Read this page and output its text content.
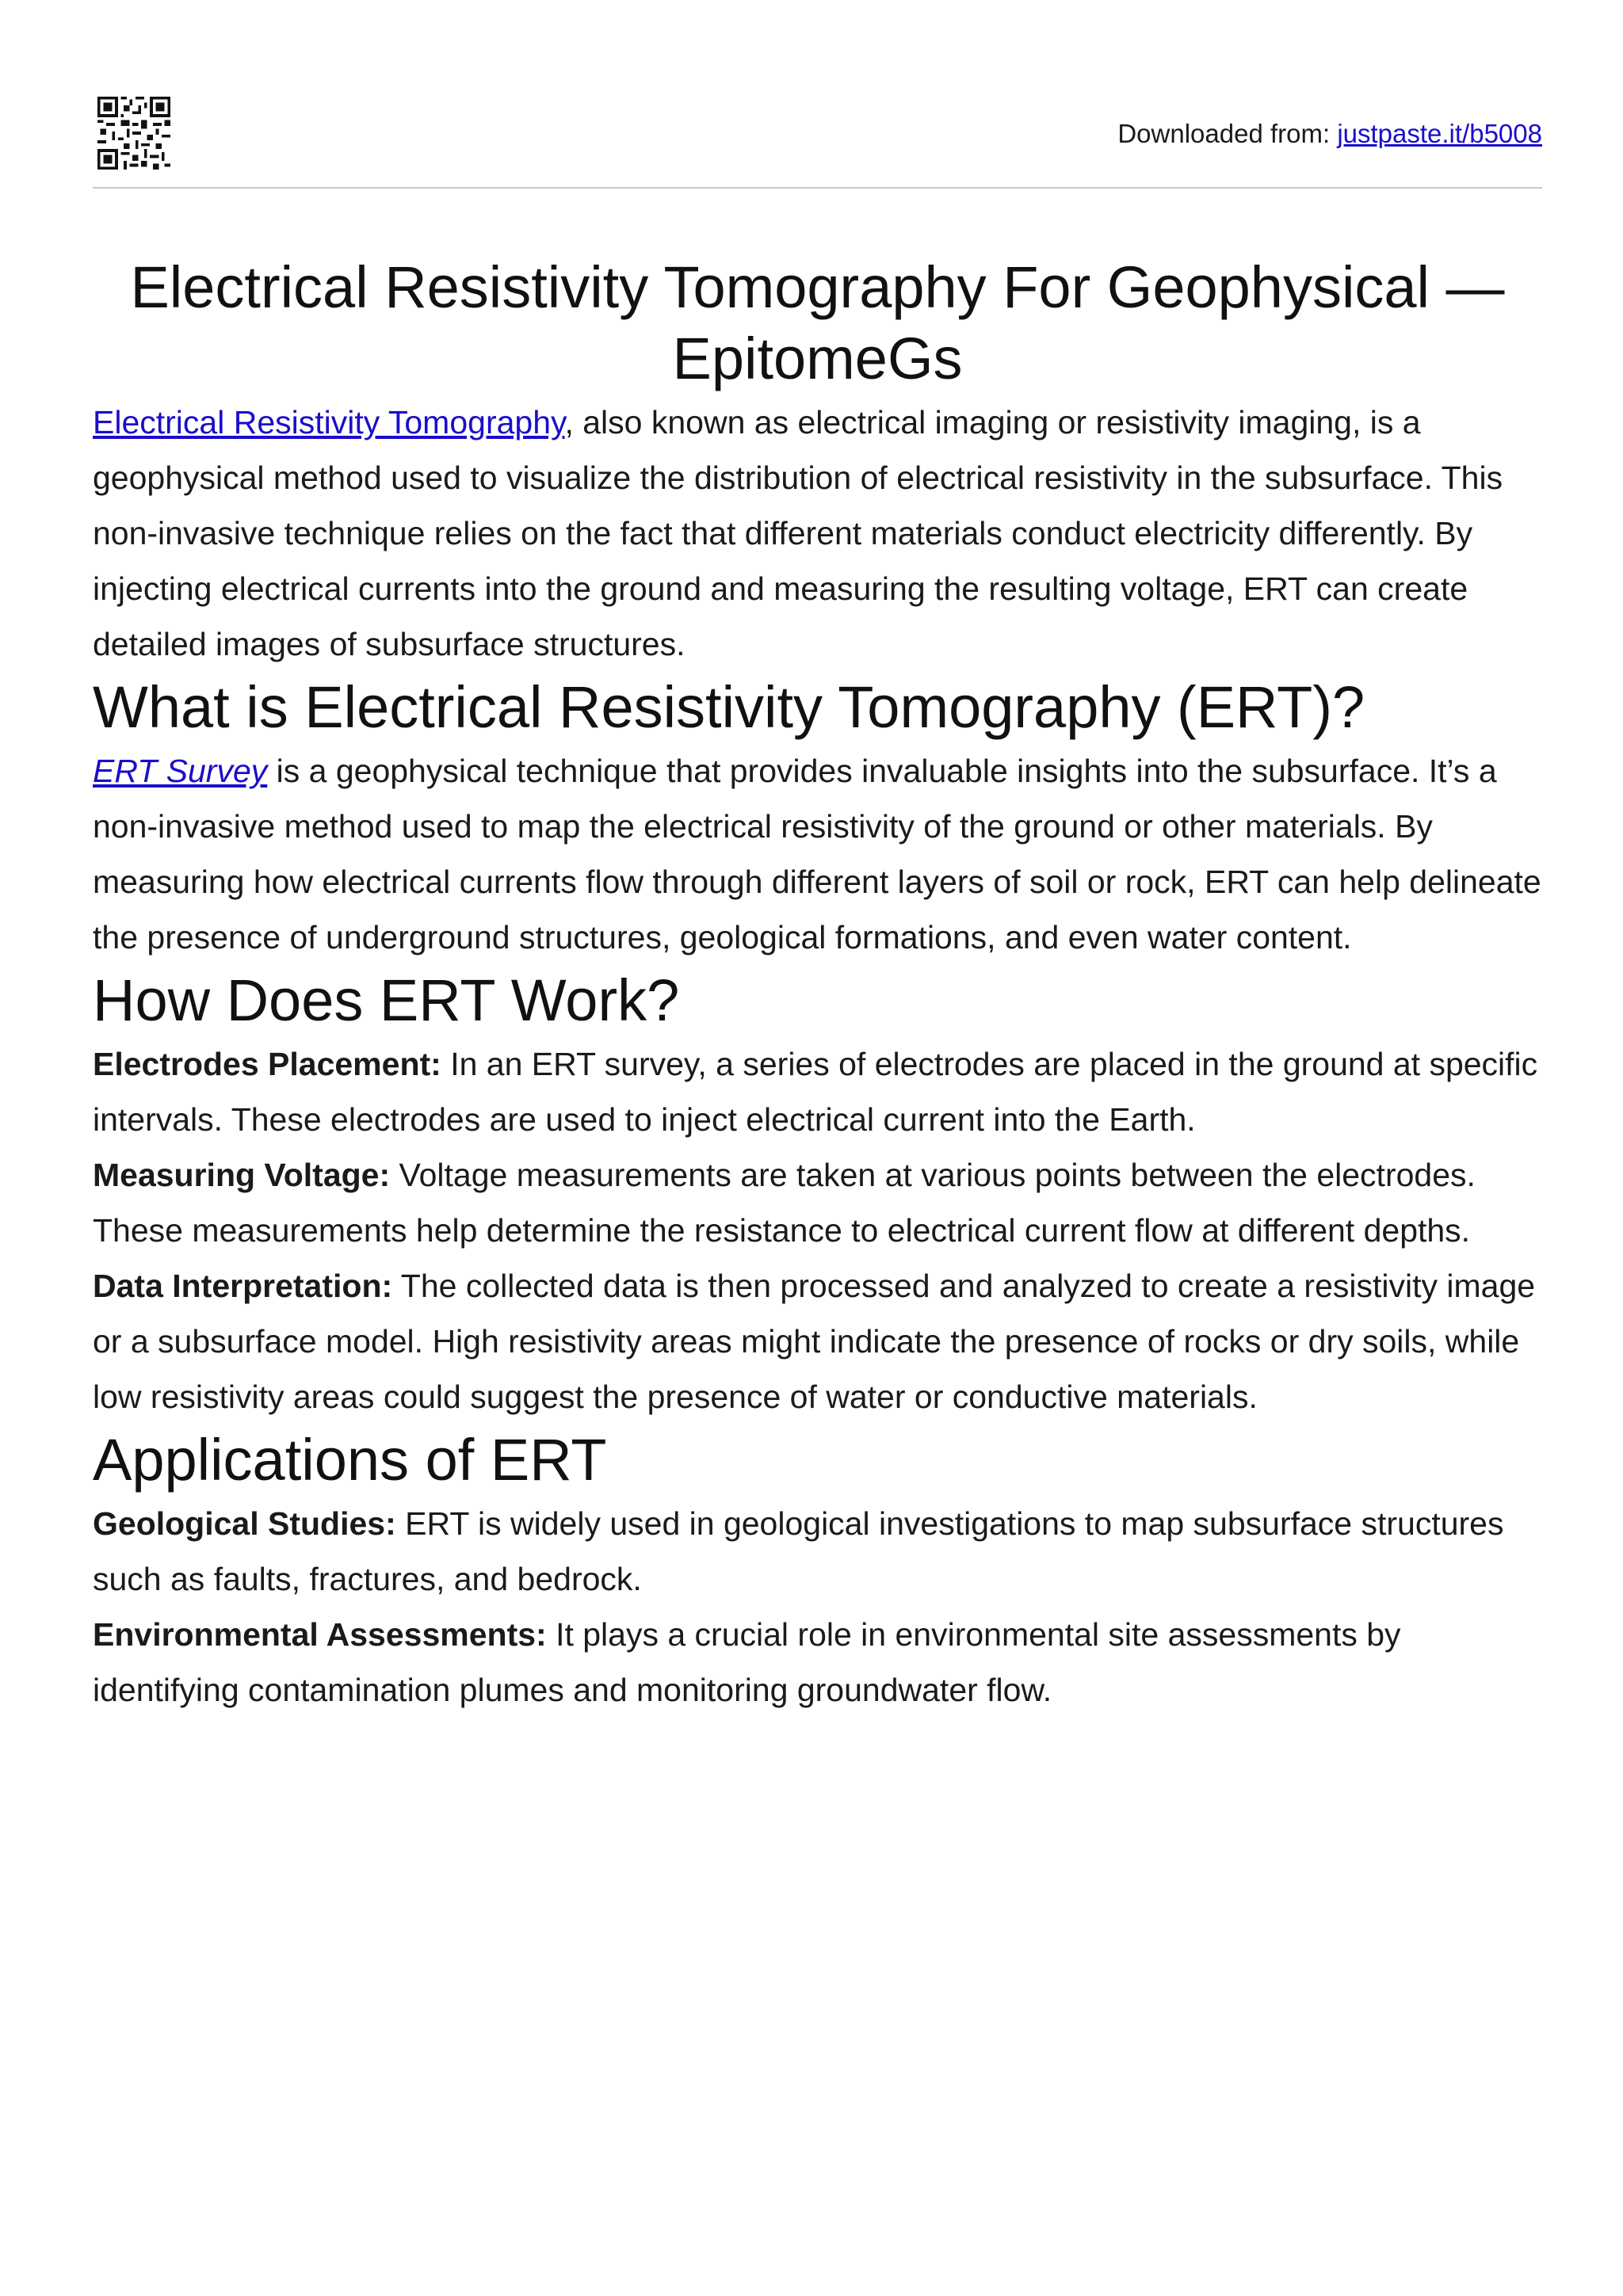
Downloaded from: justpaste.it/b5008
Electrical Resistivity Tomography For Geophysical —
EpitomeGs

Electrical Resistivity Tomography, also known as electrical imaging or resistivity imaging, is a geophysical method used to visualize the distribution of electrical resistivity in the subsurface. This non-invasive technique relies on the fact that different materials conduct electricity differently. By injecting electrical currents into the ground and measuring the resulting voltage, ERT can create detailed images of subsurface structures.

What is Electrical Resistivity Tomography (ERT)?

ERT Survey is a geophysical technique that provides invaluable insights into the subsurface. It’s a non-invasive method used to map the electrical resistivity of the ground or other materials. By measuring how electrical currents flow through different layers of soil or rock, ERT can help delineate the presence of underground structures, geological formations, and even water content.

How Does ERT Work?

Electrodes Placement: In an ERT survey, a series of electrodes are placed in the ground at specific intervals. These electrodes are used to inject electrical current into the Earth.
Measuring Voltage: Voltage measurements are taken at various points between the electrodes. These measurements help determine the resistance to electrical current flow at different depths.
Data Interpretation: The collected data is then processed and analyzed to create a resistivity image or a subsurface model. High resistivity areas might indicate the presence of rocks or dry soils, while low resistivity areas could suggest the presence of water or conductive materials.

Applications of ERT

Geological Studies: ERT is widely used in geological investigations to map subsurface structures such as faults, fractures, and bedrock.
Environmental Assessments: It plays a crucial role in environmental site assessments by identifying contamination plumes and monitoring groundwater flow.
